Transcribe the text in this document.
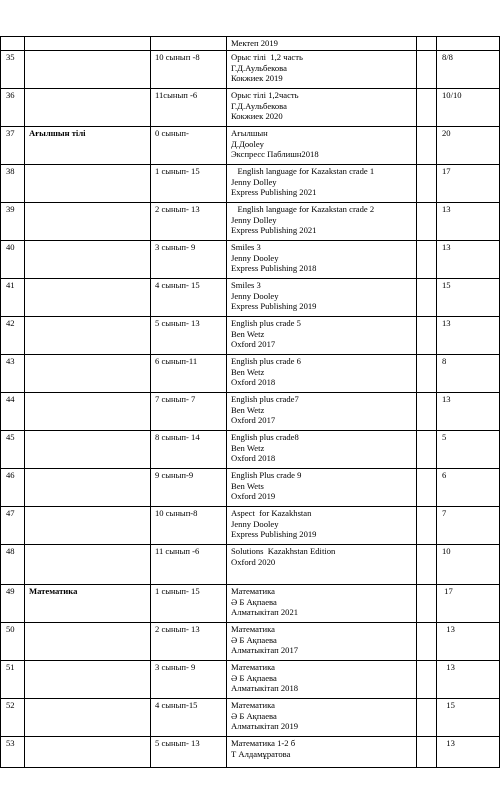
			Мектеп 2019		

35		10 сынып -8	Орыс тілі  1,2 часть
Г.Д.Аульбекова
Кокжиек 2019		8/8
36		11сынып -6	Орыс тілі 1,2часть
Г.Д.Аульбекова
Кокжиек 2020		10/10
37	Ағылшын тілі	0 сынып-	Ағылшын
Д.Дооley
Экспресс Паблишн2018		20
38		1 сынып- 15	English language for Kazakstan crade 1
Jenny Dolley
Express Publishing 2021		17
39		2 сынып- 13	English language for Kazakstan crade 2
Jenny Dolley
Express Publishing 2021		13
40		3 сынып- 9	Smiles 3
Jenny Dooley
Express Publishing 2018		13
41		4 сынып- 15	Smiles 3
Jenny Dooley
Express Publishing 2019		15
42		5 сынып- 13	English plus crade 5
Ben Wetz
Oxford 2017		13
43		6 сынып-11	English plus crade 6
Ben Wetz
Oxford 2018		8
44		7 сынып- 7	English plus crade7
Ben Wetz
Oxford 2017		13
45		8 сынып- 14	English plus crade8
Ben Wetz
Oxford 2018		5
46		9 сынып-9	English Plus crade 9
Ben Wets
Oxford 2019		6
47		10 сынып-8	Aspect  for Kazakhstan
Jenny Dooley
Express Publishing 2019		7
48		11 сынып -6	Solutions  Kazakhstan Edition
Oxford 2020		10
49	Математика	1 сынып- 15	Математика
Ә Б Ақпаева
Алматыкітап 2021		17
50		2 сынып- 13	Математика
Ә Б Ақпаева
Алматыкітап 2017		13
51		3 сынып- 9	Математика
Ә Б Ақпаева
Алматыкітап 2018		13
52		4 сынып-15	Математика
Ә Б Ақпаева
Алматыкітап 2019		15
53		5 сынып- 13	Математика 1-2 б
Т Алдамұратова		13
